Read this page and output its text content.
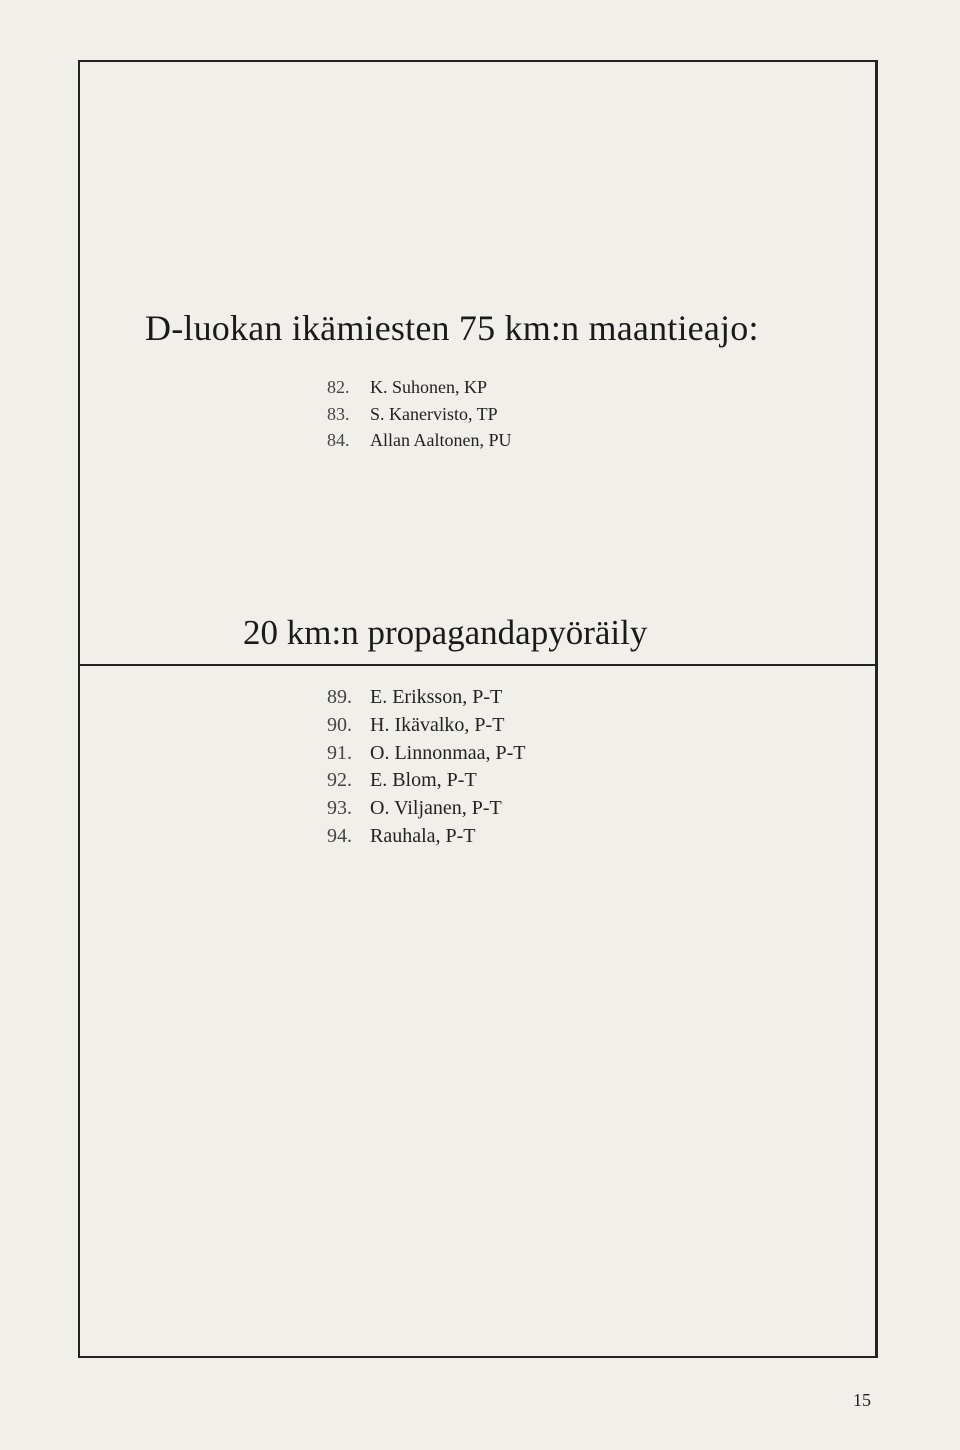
D-luokan ikämiesten 75 km:n maantieajo:
82.	K. Suhonen, KP
83.	S. Kanervisto, TP
84.	Allan Aaltonen, PU
20 km:n propagandapyöräily
89. E. Eriksson, P-T
90. H. Ikävalko, P-T
91. O. Linnonmaa, P-T
92. E. Blom, P-T
93. O. Viljanen, P-T
94. Rauhala, P-T
15
